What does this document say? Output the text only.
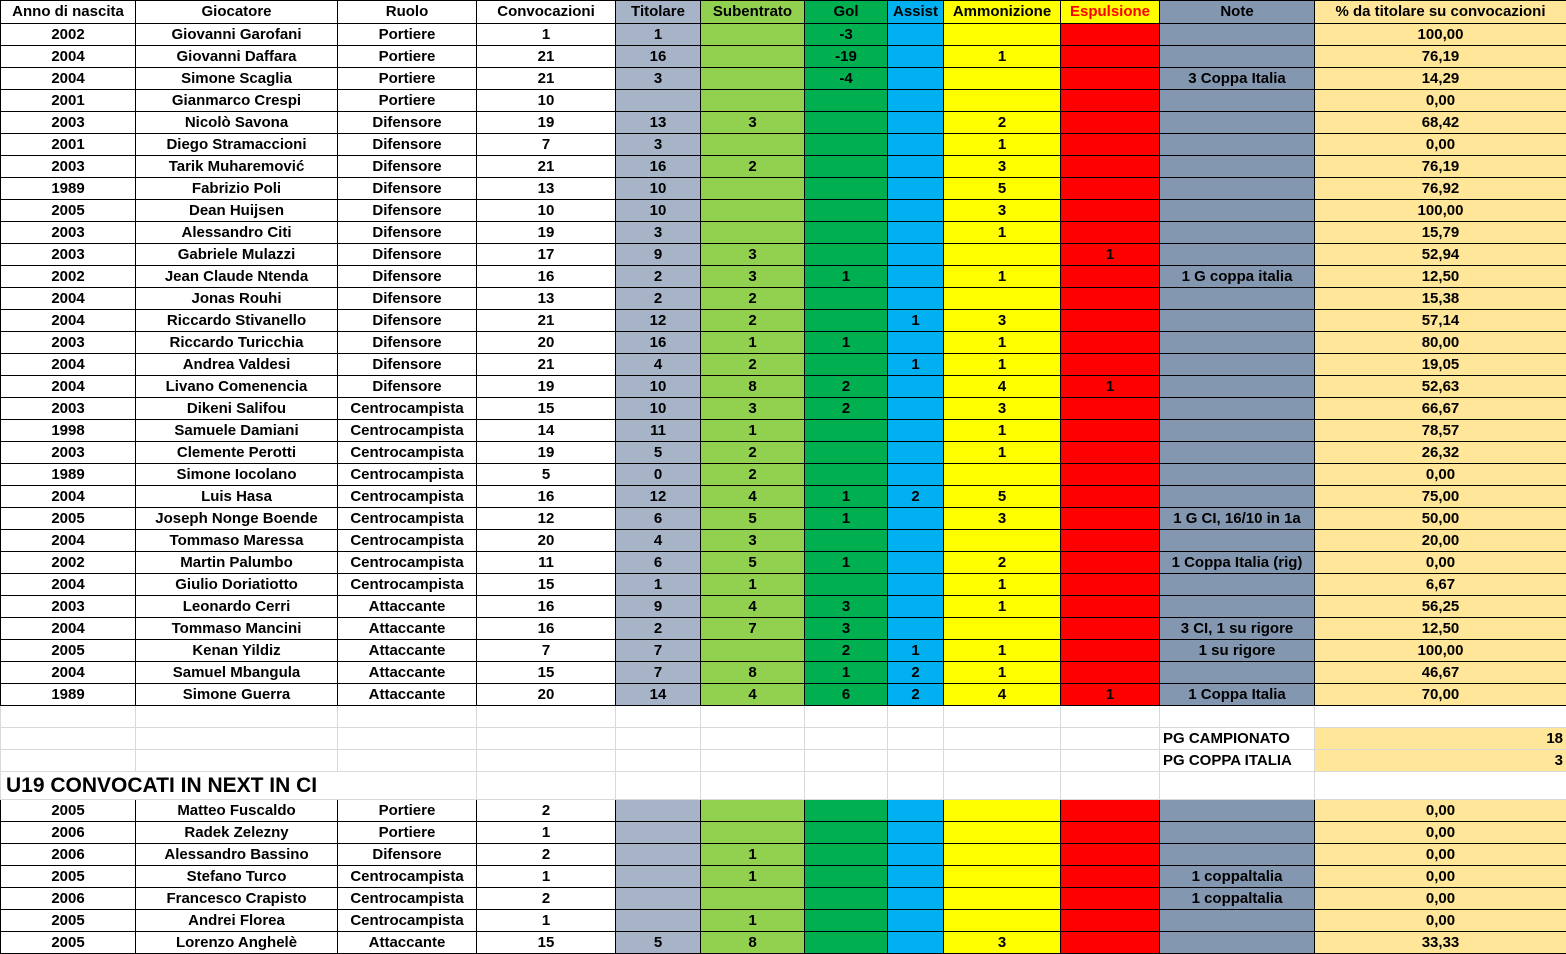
Anno di nascita	Giocatore	Ruolo	Convocazioni	Titolare	Subentrato	Gol	Assist	Ammonizione	Espulsione	Note	% da titolare su convocazioni
2002	Giovanni Garofani	Portiere	1	1		-3					100,00
2004	Giovanni Daffara	Portiere	21	16		-19		1			76,19
2004	Simone Scaglia	Portiere	21	3		-4				3 Coppa Italia	14,29
2001	Gianmarco Crespi	Portiere	10								0,00
2003	Nicolò Savona	Difensore	19	13	3			2			68,42
2001	Diego Stramaccioni	Difensore	7	3				1			0,00
2003	Tarik Muharemović	Difensore	21	16	2			3			76,19
1989	Fabrizio Poli	Difensore	13	10				5			76,92
2005	Dean Huijsen	Difensore	10	10				3			100,00
2003	Alessandro Citi	Difensore	19	3				1			15,79
2003	Gabriele Mulazzi	Difensore	17	9	3				1		52,94
2002	Jean Claude Ntenda	Difensore	16	2	3	1		1		1 G coppa italia	12,50
2004	Jonas Rouhi	Difensore	13	2	2						15,38
2004	Riccardo Stivanello	Difensore	21	12	2		1	3			57,14
2003	Riccardo Turicchia	Difensore	20	16	1	1		1			80,00
2004	Andrea Valdesi	Difensore	21	4	2		1	1			19,05
2004	Livano Comenencia	Difensore	19	10	8	2		4	1		52,63
2003	Dikeni Salifou	Centrocampista	15	10	3	2		3			66,67
1998	Samuele Damiani	Centrocampista	14	11	1			1			78,57
2003	Clemente Perotti	Centrocampista	19	5	2			1			26,32
1989	Simone Iocolano	Centrocampista	5	0	2						0,00
2004	Luis Hasa	Centrocampista	16	12	4	1	2	5			75,00
2005	Joseph Nonge Boende	Centrocampista	12	6	5	1		3		1 G CI, 16/10 in 1a	50,00
2004	Tommaso Maressa	Centrocampista	20	4	3						20,00
2002	Martin Palumbo	Centrocampista	11	6	5	1		2		1 Coppa Italia (rig)	0,00
2004	Giulio Doriatiotto	Centrocampista	15	1	1			1			6,67
2003	Leonardo Cerri	Attaccante	16	9	4	3		1			56,25
2004	Tommaso Mancini	Attaccante	16	2	7	3				3 CI, 1 su rigore	12,50
2005	Kenan Yildiz	Attaccante	7	7		2	1	1		1 su rigore	100,00
2004	Samuel Mbangula	Attaccante	15	7	8	1	2	1			46,67
1989	Simone Guerra	Attaccante	20	14	4	6	2	4	1	1 Coppa Italia	70,00

										PG CAMPIONATO	18
										PG COPPA ITALIA	3
U19 CONVOCATI IN NEXT IN CI											
2005	Matteo Fuscaldo	Portiere	2								0,00
2006	Radek Zelezny	Portiere	1								0,00
2006	Alessandro Bassino	Difensore	2		1						0,00
2005	Stefano Turco	Centrocampista	1		1					1 coppaltalia	0,00
2006	Francesco Crapisto	Centrocampista	2							1 coppaltalia	0,00
2005	Andrei Florea	Centrocampista	1		1						0,00
2005	Lorenzo Anghelè	Attaccante	15	5	8			3			33,33
